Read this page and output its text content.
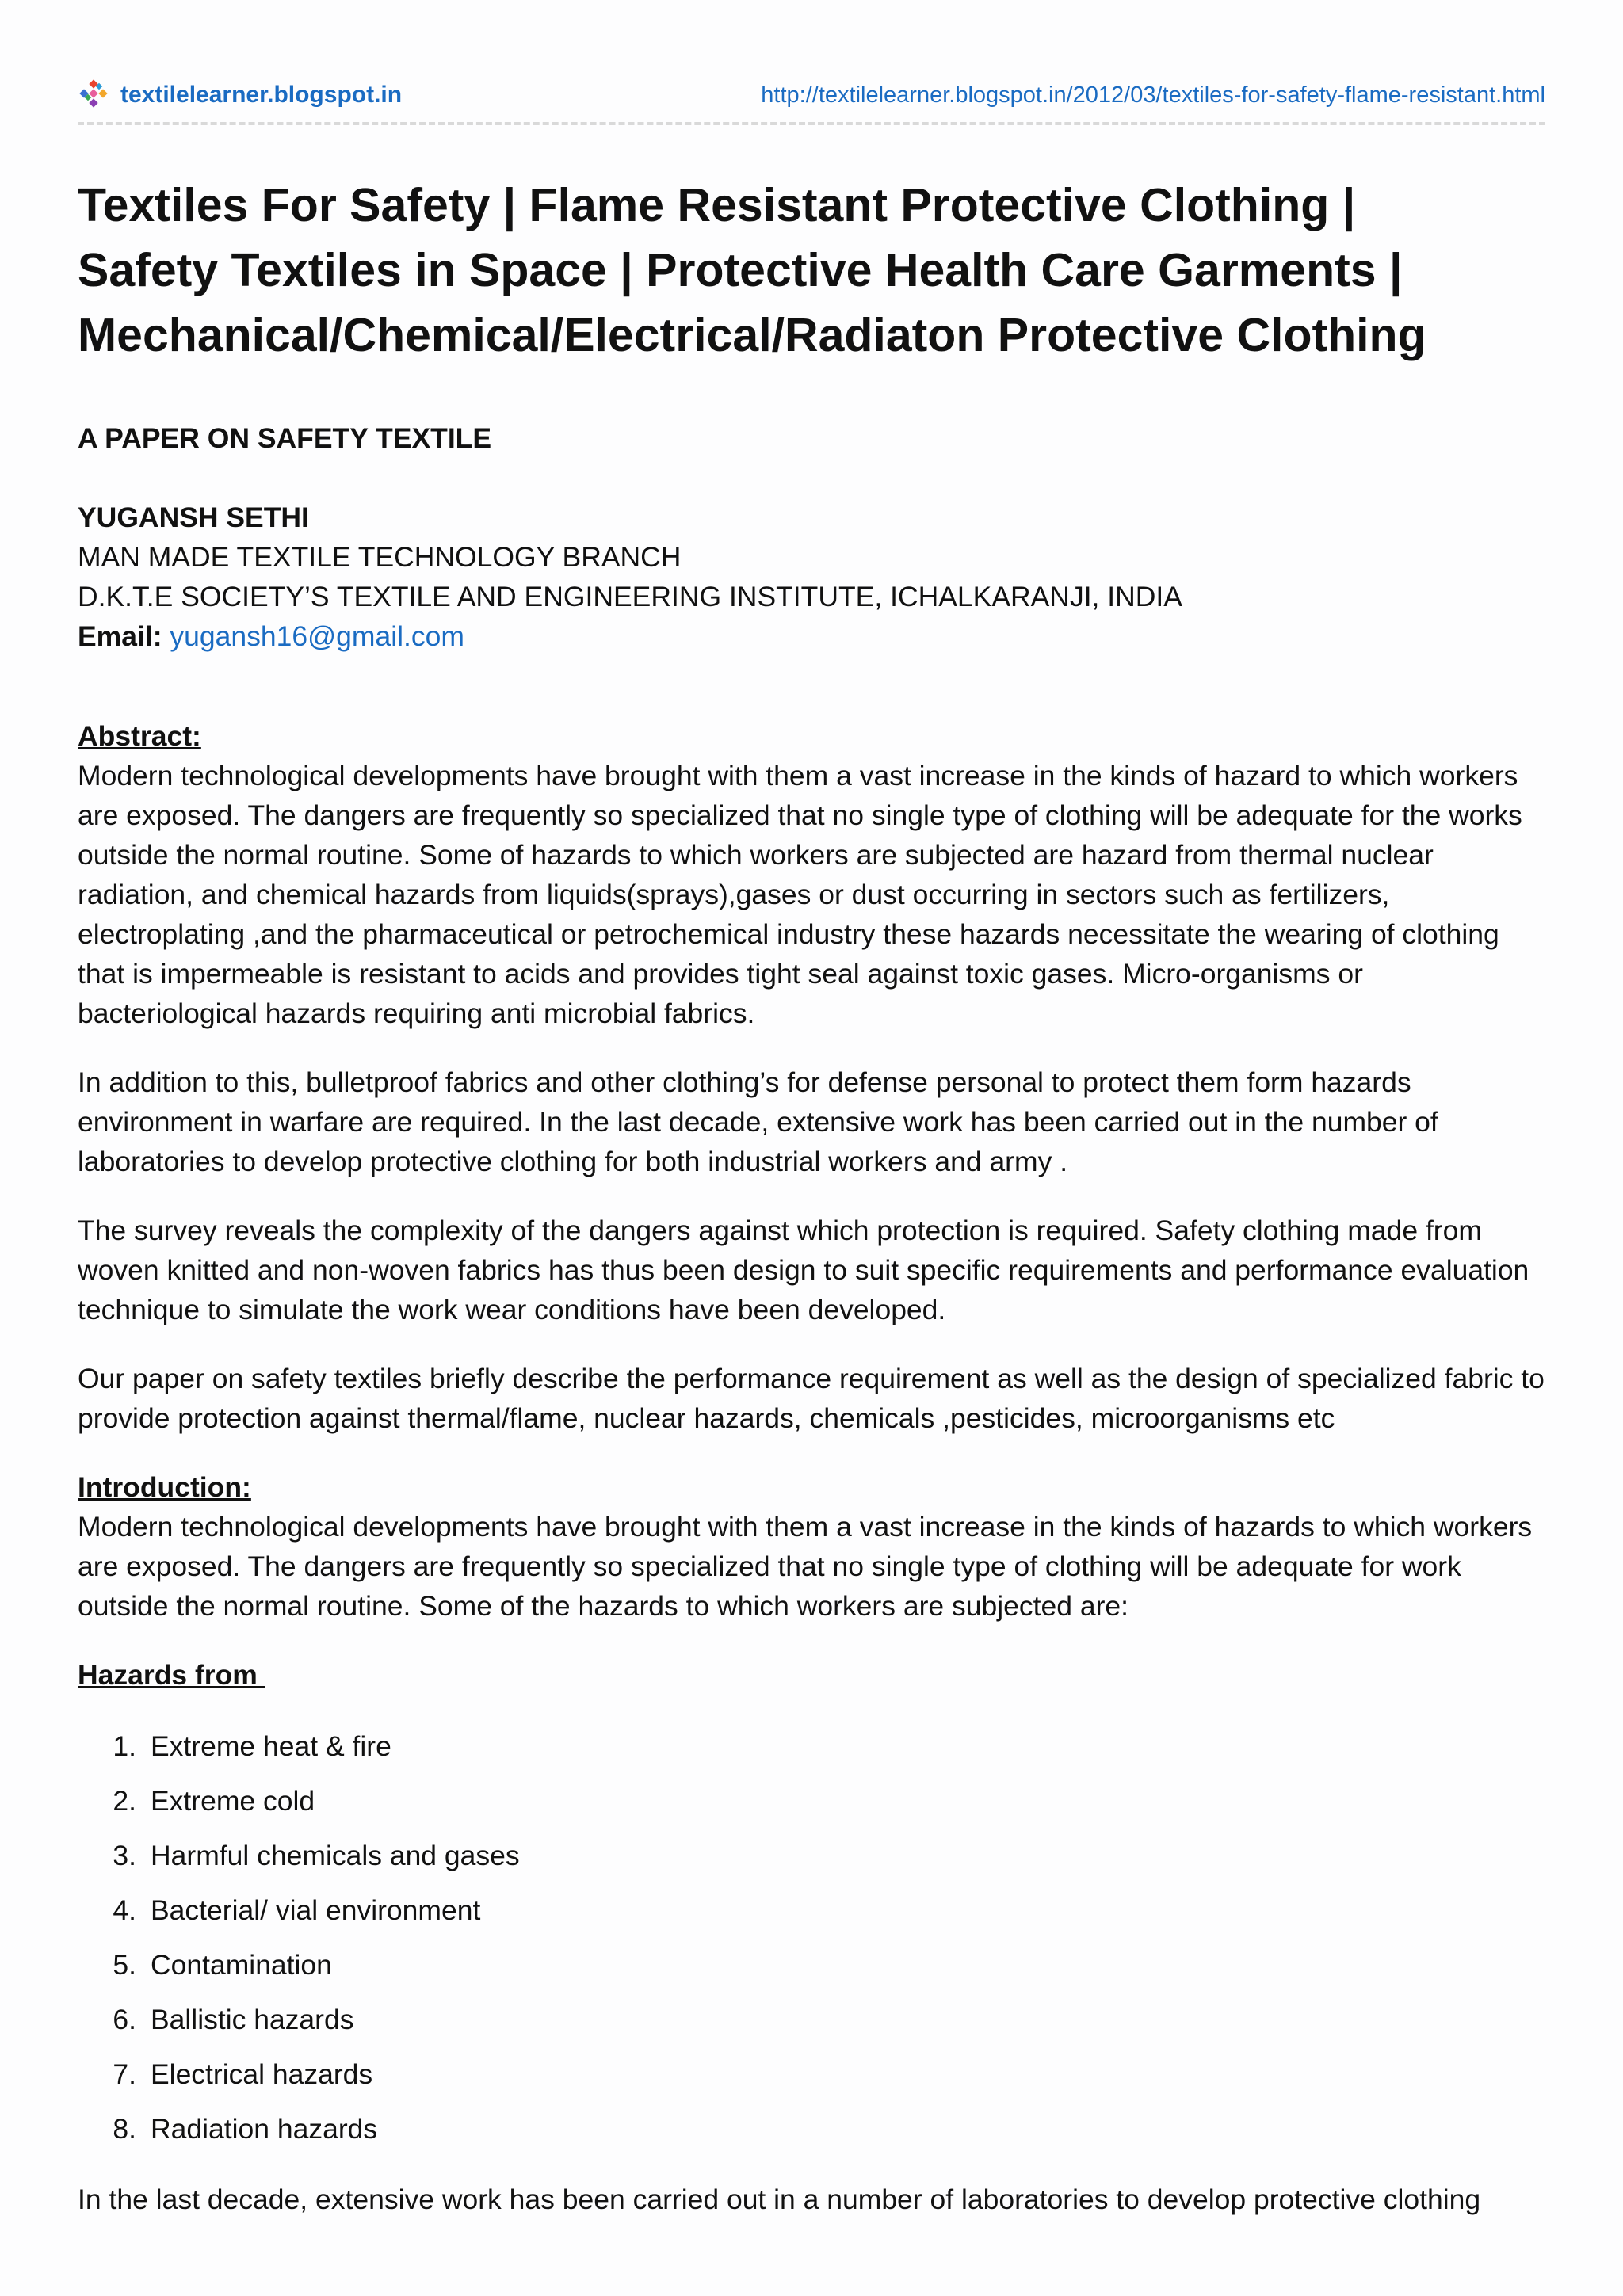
textilelearner.blogspot.in	http://textilelearner.blogspot.in/2012/03/textiles-for-safety-flame-resistant.html
Textiles For Safety | Flame Resistant Protective Clothing |
Safety Textiles in Space | Protective Health Care Garments |
Mechanical/Chemical/Electrical/Radiaton Protective Clothing

A PAPER ON SAFETY TEXTILE

YUGANSH SETHI

MAN MADE TEXTILE TECHNOLOGY BRANCH

D.K.T.E SOCIETY’S TEXTILE AND ENGINEERING INSTITUTE, ICHALKARANJI, INDIA

Email: yugansh16@gmail.com

Abstract:

Modern technological developments have brought with them a vast increase in the kinds of hazard to which workers are exposed. The dangers are frequently so specialized that no single type of clothing will be adequate for the works outside the normal routine. Some of hazards to which workers are subjected are hazard from thermal nuclear radiation, and chemical hazards from liquids(sprays),gases or dust occurring in sectors such as fertilizers, electroplating ,and the pharmaceutical or petrochemical industry these hazards necessitate the wearing of clothing that is impermeable is resistant to acids and provides tight seal against toxic gases. Micro-organisms or bacteriological hazards requiring anti microbial fabrics.

In addition to this, bulletproof fabrics and other clothing’s for defense personal to protect them form hazards environment in warfare are required. In the last decade, extensive work has been carried out in the number of laboratories to develop protective clothing for both industrial workers and army .

The survey reveals the complexity of the dangers against which protection is required. Safety clothing made from woven knitted and non-woven fabrics has thus been design to suit specific requirements and performance evaluation technique to simulate the work wear conditions have been developed.

Our paper on safety textiles briefly describe the performance requirement as well as the design of specialized fabric to provide protection against thermal/flame, nuclear hazards, chemicals ,pesticides, microorganisms etc

Introduction:

Modern technological developments have brought with them a vast increase in the kinds of hazards to which workers are exposed. The dangers are frequently so specialized that no single type of clothing will be adequate for work outside the normal routine. Some of the hazards to which workers are subjected are:

Hazards from

1. Extreme heat & fire
2. Extreme cold
3. Harmful chemicals and gases
4. Bacterial/ vial environment
5. Contamination
6. Ballistic hazards
7. Electrical hazards
8. Radiation hazards

In the last decade, extensive work has been carried out in a number of laboratories to develop protective clothing
